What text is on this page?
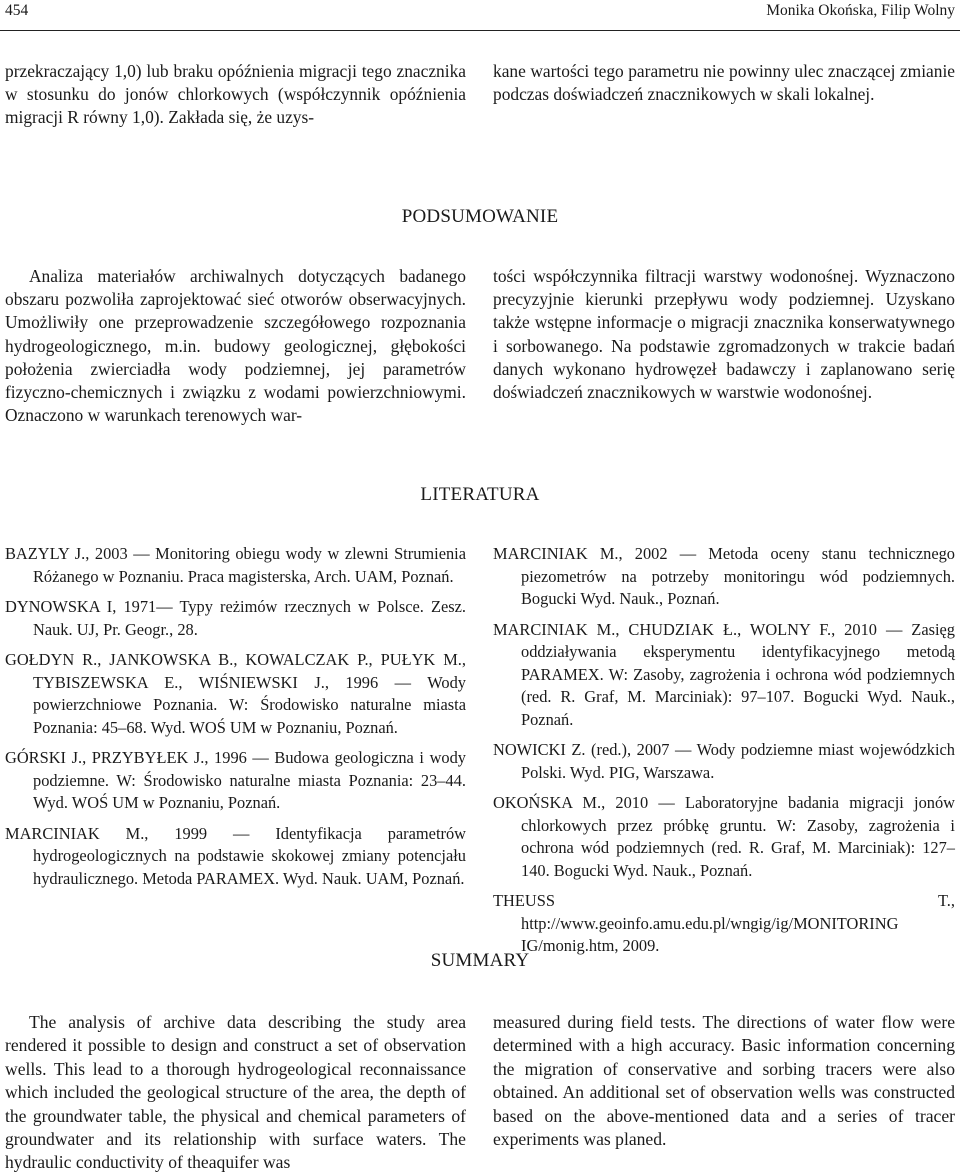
454	Monika Okońska, Filip Wolny

przekraczający 1,0) lub braku opóźnienia migracji tego znacznika w stosunku do jonów chlorkowych (współczynnik opóźnienia migracji R równy 1,0). Zakłada się, że uzys-

kane wartości tego parametru nie powinny ulec znaczącej zmianie podczas doświadczeń znacznikowych w skali lokalnej.

PODSUMOWANIE

Analiza materiałów archiwalnych dotyczących badanego obszaru pozwoliła zaprojektować sieć otworów obserwacyjnych. Umożliwiły one przeprowadzenie szczegółowego rozpoznania hydrogeologicznego, m.in. budowy geologicznej, głębokości położenia zwierciadła wody podziemnej, jej parametrów fizyczno-chemicznych i związku z wodami powierzchniowymi. Oznaczono w warunkach terenowych war-

tości współczynnika filtracji warstwy wodonośnej. Wyznaczono precyzyjnie kierunki przepływu wody podziemnej. Uzyskano także wstępne informacje o migracji znacznika konserwatywnego i sorbowanego. Na podstawie zgromadzonych w trakcie badań danych wykonano hydrowęzeł badawczy i zaplanowano serię doświadczeń znacznikowych w warstwie wodonośnej.

LITERATURA

BAZYLY J., 2003 — Monitoring obiegu wody w zlewni Strumienia Różanego w Poznaniu. Praca magisterska, Arch. UAM, Poznań.

DYNOWSKA I, 1971— Typy reżimów rzecznych w Polsce. Zesz. Nauk. UJ, Pr. Geogr., 28.

GOŁDYN R., JANKOWSKA B., KOWALCZAK P., PUŁYK M., TYBISZEWSKA E., WIŚNIEWSKI J., 1996 — Wody powierzchniowe Poznania. W: Środowisko naturalne miasta Poznania: 45–68. Wyd. WOŚ UM w Poznaniu, Poznań.

GÓRSKI J., PRZYBYŁEK J., 1996 — Budowa geologiczna i wody podziemne. W: Środowisko naturalne miasta Poznania: 23–44. Wyd. WOŚ UM w Poznaniu, Poznań.

MARCINIAK M., 1999 — Identyfikacja parametrów hydrogeologicznych na podstawie skokowej zmiany potencjału hydraulicznego. Metoda PARAMEX. Wyd. Nauk. UAM, Poznań.

MARCINIAK M., 2002 — Metoda oceny stanu technicznego piezometrów na potrzeby monitoringu wód podziemnych. Bogucki Wyd. Nauk., Poznań.

MARCINIAK M., CHUDZIAK Ł., WOLNY F., 2010 — Zasięg oddziaływania eksperymentu identyfikacyjnego metodą PARAMEX. W: Zasoby, zagrożenia i ochrona wód podziemnych (red. R. Graf, M. Marciniak): 97–107. Bogucki Wyd. Nauk., Poznań.

NOWICKI Z. (red.), 2007 — Wody podziemne miast wojewódzkich Polski. Wyd. PIG, Warszawa.

OKOŃSKA M., 2010 — Laboratoryjne badania migracji jonów chlorkowych przez próbkę gruntu. W: Zasoby, zagrożenia i ochrona wód podziemnych (red. R. Graf, M. Marciniak): 127–140. Bogucki Wyd. Nauk., Poznań.

THEUSS T., http://www.geoinfo.amu.edu.pl/wngig/ig/MONITORING IG/monig.htm, 2009.

SUMMARY

The analysis of archive data describing the study area rendered it possible to design and construct a set of observation wells. This lead to a thorough hydrogeological reconnaissance which included the geological structure of the area, the depth of the groundwater table, the physical and chemical parameters of groundwater and its relationship with surface waters. The hydraulic conductivity of theaquifer was

measured during field tests. The directions of water flow were determined with a high accuracy. Basic information concerning the migration of conservative and sorbing tracers were also obtained. An additional set of observation wells was constructed based on the above-mentioned data and a series of tracer experiments was planed.
